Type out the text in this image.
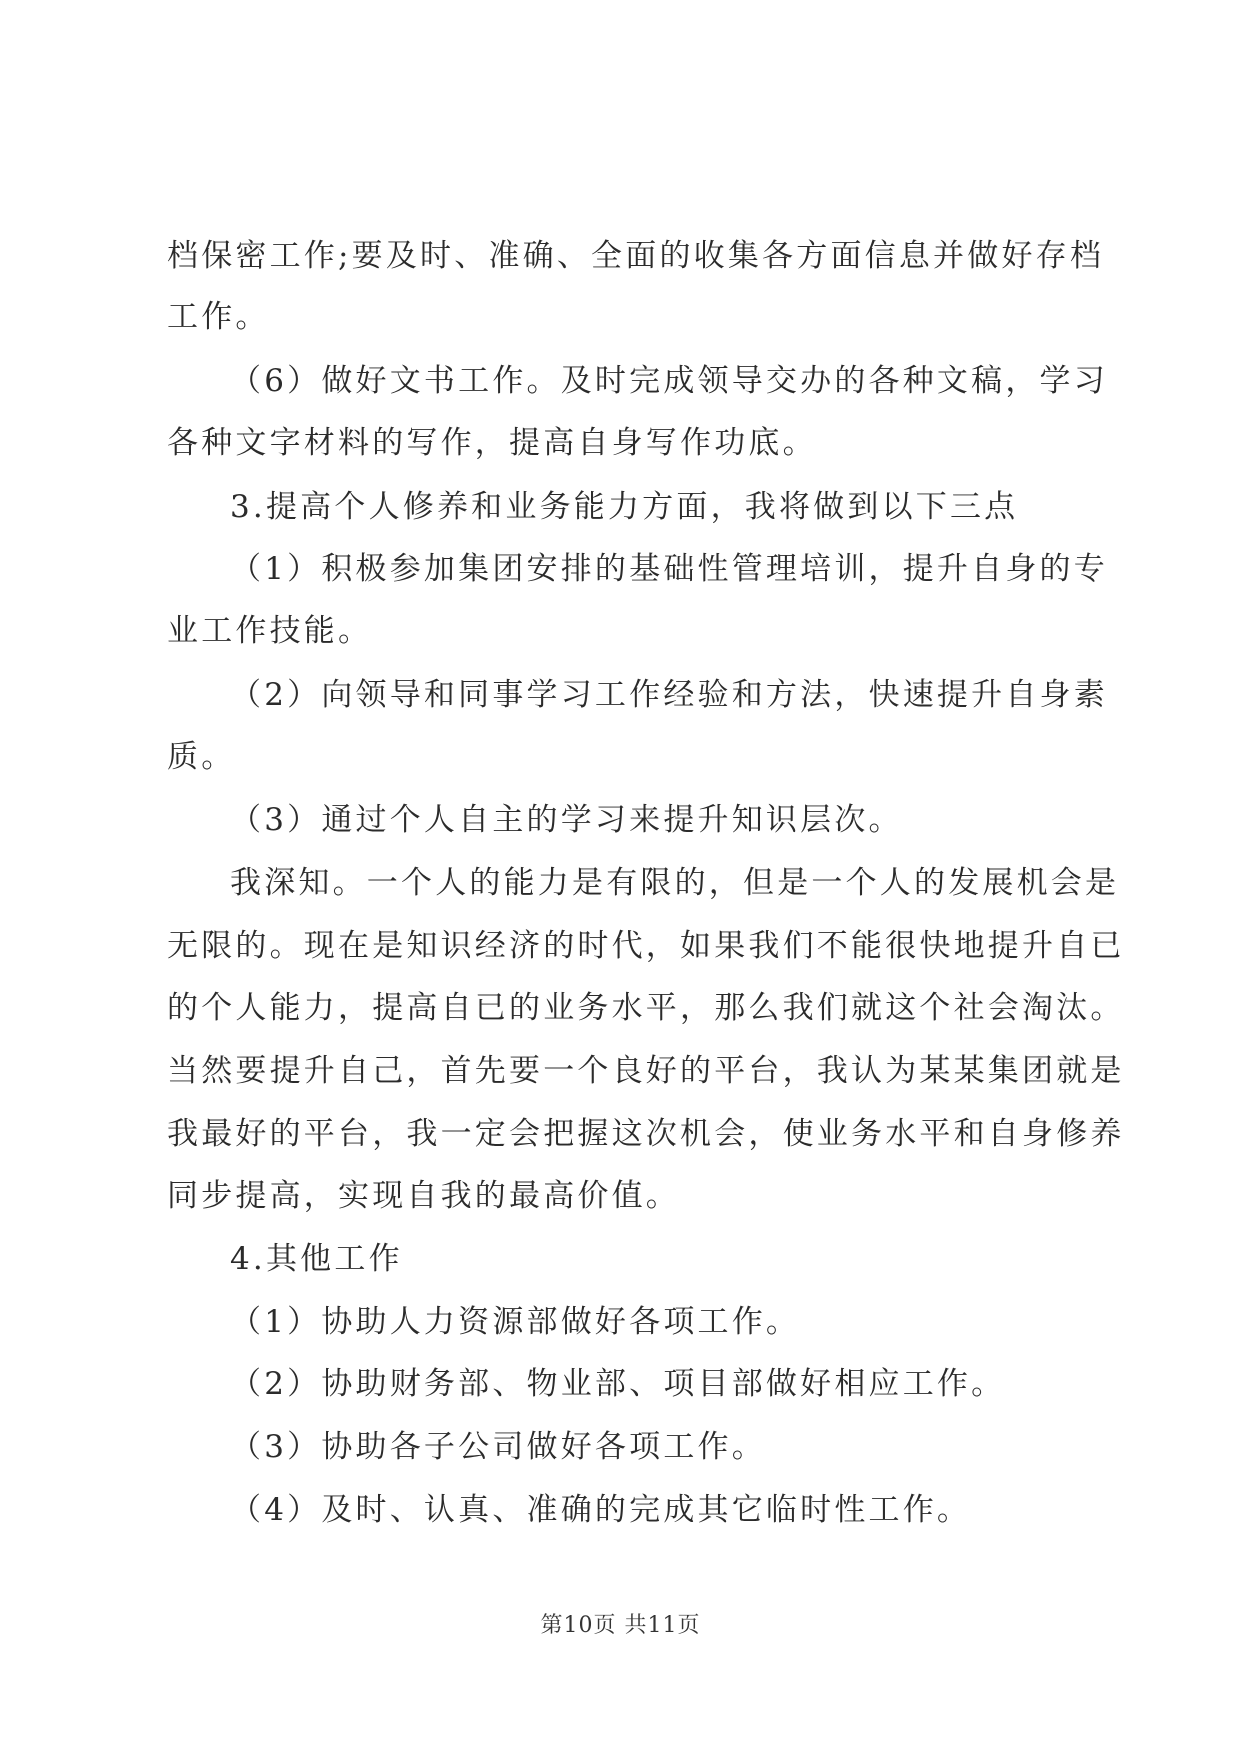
档保密工作;要及时、准确、全面的收集各方面信息并做好存档
工作。
（6）做好文书工作。及时完成领导交办的各种文稿，学习
各种文字材料的写作，提高自身写作功底。
3.提高个人修养和业务能力方面，我将做到以下三点
（1）积极参加集团安排的基础性管理培训，提升自身的专
业工作技能。
（2）向领导和同事学习工作经验和方法，快速提升自身素
质。
（3）通过个人自主的学习来提升知识层次。
我深知。一个人的能力是有限的，但是一个人的发展机会是
无限的。现在是知识经济的时代，如果我们不能很快地提升自已
的个人能力，提高自已的业务水平，那么我们就这个社会淘汰。
当然要提升自己，首先要一个良好的平台，我认为某某集团就是
我最好的平台，我一定会把握这次机会，使业务水平和自身修养
同步提高，实现自我的最高价值。
4.其他工作
（1）协助人力资源部做好各项工作。
（2）协助财务部、物业部、项目部做好相应工作。
（3）协助各子公司做好各项工作。
（4）及时、认真、准确的完成其它临时性工作。
第10页 共11页
